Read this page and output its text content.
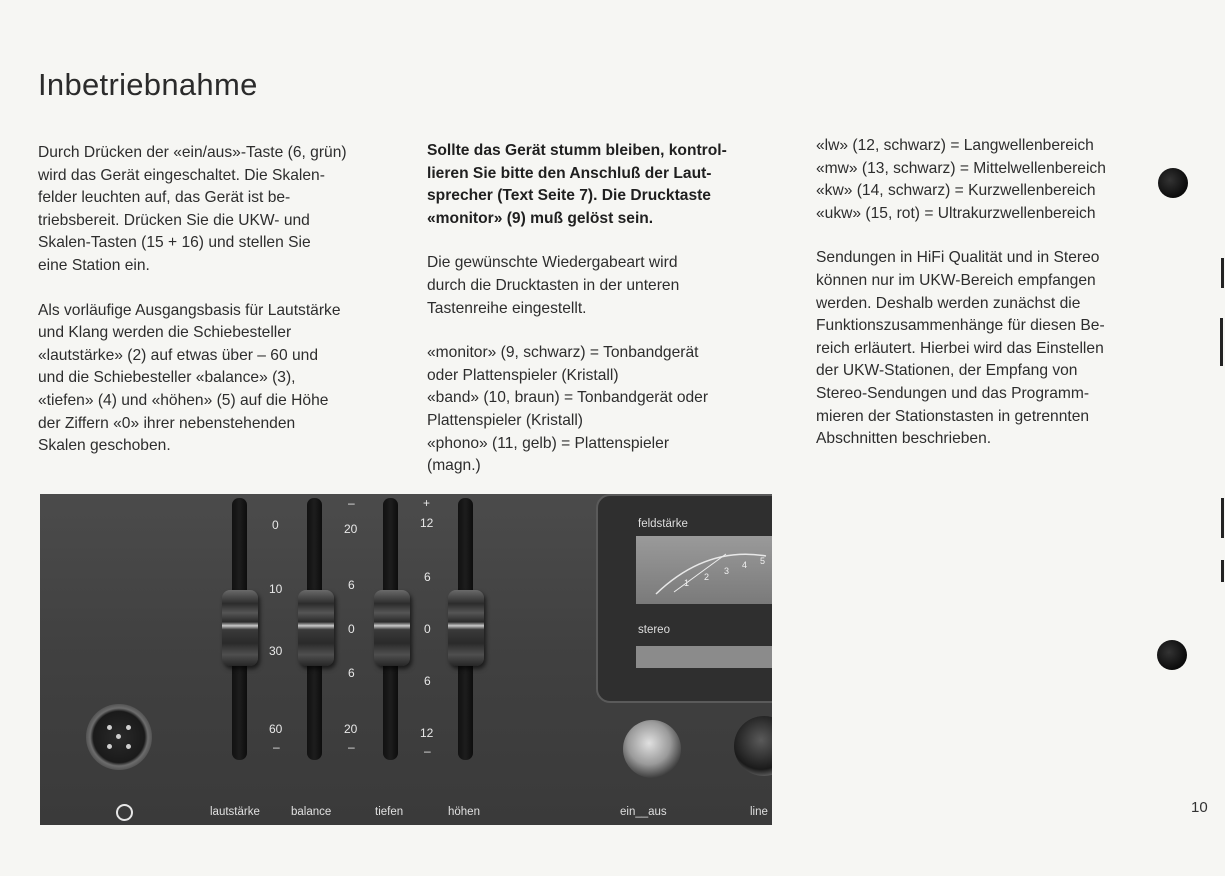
Inbetriebnahme

Durch Drücken der «ein/aus»-Taste (6, grün)
wird das Gerät eingeschaltet. Die Skalen-
felder leuchten auf, das Gerät ist be-
triebsbereit. Drücken Sie die UKW- und
Skalen-Tasten (15 + 16) und stellen Sie
eine Station ein.

Als vorläufige Ausgangsbasis für Lautstärke
und Klang werden die Schiebesteller
«lautstärke» (2) auf etwas über – 60 und
und die Schiebesteller «balance» (3),
«tiefen» (4) und «höhen» (5) auf die Höhe
der Ziffern «0» ihrer nebenstehenden
Skalen geschoben.

Sollte das Gerät stumm bleiben, kontrol-
lieren Sie bitte den Anschluß der Laut-
sprecher (Text Seite 7). Die Drucktaste
«monitor» (9) muß gelöst sein.

Die gewünschte Wiedergabeart wird
durch die Drucktasten in der unteren
Tastenreihe eingestellt.

«monitor» (9, schwarz) = Tonbandgerät
oder Plattenspieler (Kristall)
«band» (10, braun) = Tonbandgerät oder
Plattenspieler (Kristall)
«phono» (11, gelb) = Plattenspieler
(magn.)

«lw» (12, schwarz) = Langwellenbereich
«mw» (13, schwarz) = Mittelwellenbereich
«kw» (14, schwarz) = Kurzwellenbereich
«ukw» (15, rot) = Ultrakurzwellenbereich

Sendungen in HiFi Qualität und in Stereo
können nur im UKW-Bereich empfangen
werden. Deshalb werden zunächst die
Funktionszusammenhänge für diesen Be-
reich erläutert. Hierbei wird das Einstellen
der UKW-Stationen, der Empfang von
Stereo-Sendungen und das Programm-
mieren der Stationstasten in getrennten
Abschnitten beschrieben.

10
0
10
30
60
–
–
20
6
0
6
20
–
+
12
6
0
6
12
–
lautstärke	balance	tiefen	höhen
feldstärke
1
2
3
4 5
stereo
ein__aus	line
